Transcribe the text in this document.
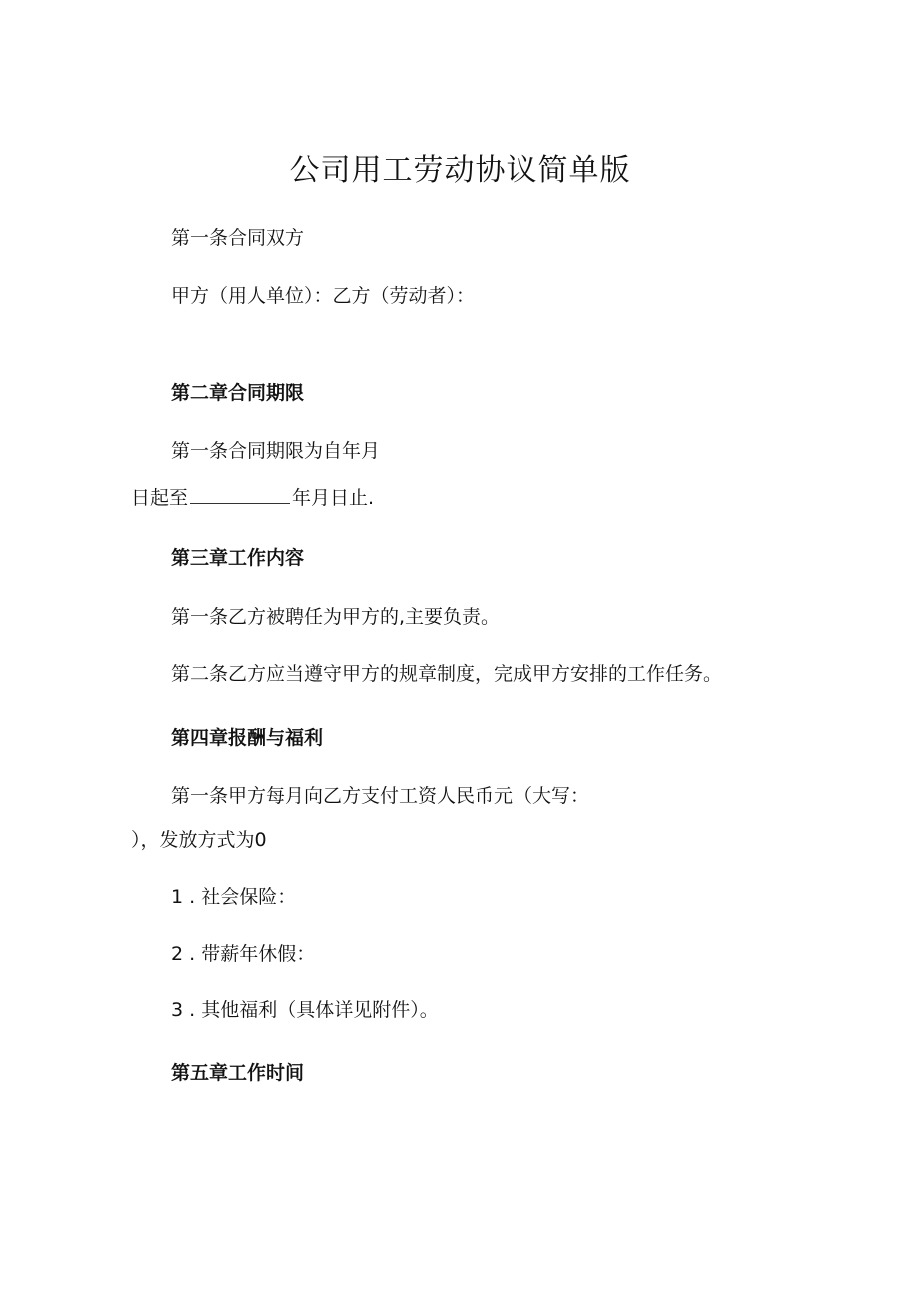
公司用工劳动协议简单版
第一条合同双方
甲方（用人单位）：乙方（劳动者）：
第二章合同期限
第一条合同期限为自年月
日起至	年月日止.
第三章工作内容
第一条乙方被聘任为甲方的,主要负责。
第二条乙方应当遵守甲方的规章制度，完成甲方安排的工作任务。
第四章报酬与福利
第一条甲方每月向乙方支付工资人民币元（大写：
），发放方式为0
1 . 社会保险：
2 . 带薪年休假：
3 . 其他福利（具体详见附件）。
第五章工作时间
